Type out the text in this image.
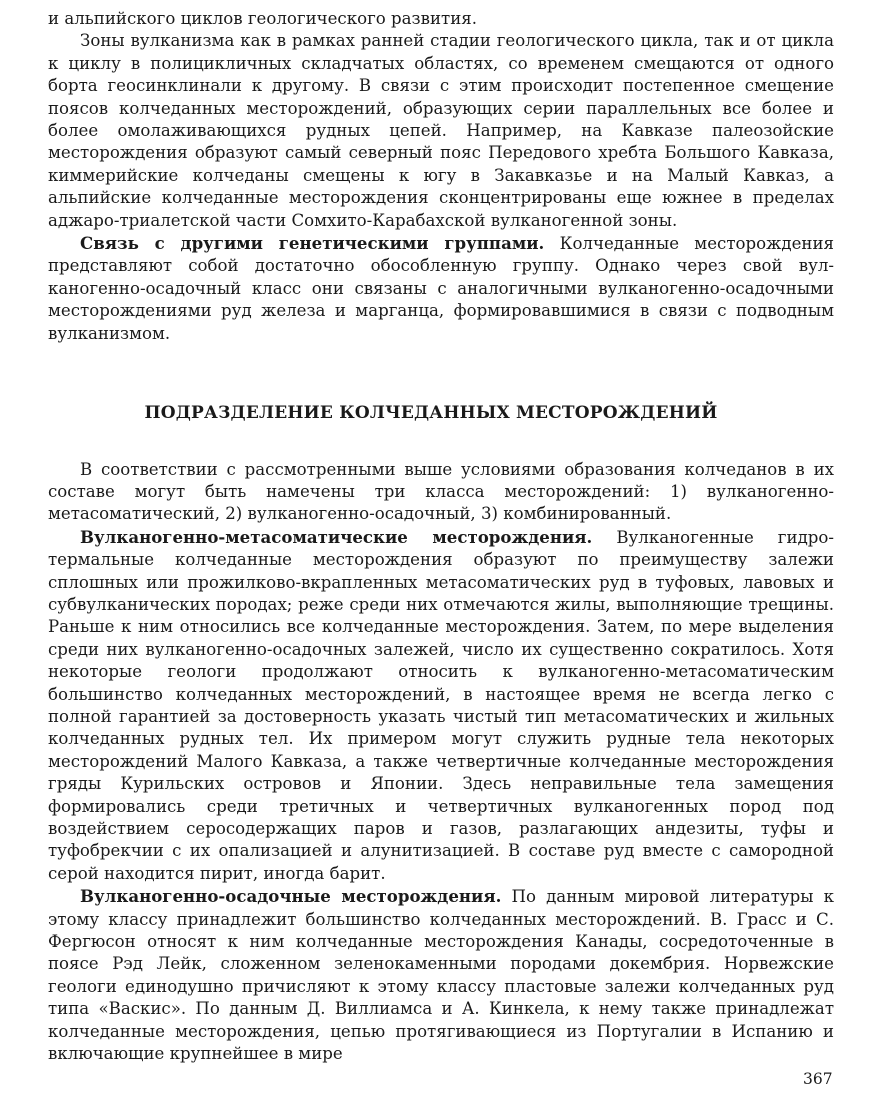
и альпийского циклов геологического развития.

Зоны вулканизма как в рамках ранней стадии геологического цикла, так и от цикла к циклу в полицикличных складчатых областях, со временем смещаются от одного борта геосинклинали к другому. В связи с этим происходит постепенное смещение поясов колчеданных месторождений, образующих серии параллельных все более и более омолаживающихся рудных цепей. Например, на Кавказе палеозойские месторождения образуют самый северный пояс Передового хребта Большого Кавказа, киммерийские колчеданы смещены к югу в Закавказье и на Малый Кавказ, а альпийские колчеданные месторождения сконцентрированы еще южнее в пределах аджаро-триалетской части Сомхито-Карабахской вулканогенной зоны.

Связь с другими генетическими группами. Колчеданные месторождения представляют собой достаточно обособленную группу. Однако через свой вулканогенно-осадочный класс они связаны с аналогичными вулканогенно-осадочными месторождениями руд железа и марганца, формировавшимися в связи с подводным вулканизмом.

ПОДРАЗДЕЛЕНИЕ КОЛЧЕДАННЫХ МЕСТОРОЖДЕНИЙ

В соответствии с рассмотренными выше условиями образования колчеданов в их составе могут быть намечены три класса месторождений: 1) вулканогенно-метасоматический, 2) вулканогенно-осадочный, 3) комбинированный.

Вулканогенно-метасоматические месторождения. Вулканогенные гидротермальные колчеданные месторождения образуют по преимуществу залежи сплошных или прожилково-вкрапленных метасоматических руд в туфовых, лавовых и субвулканических породах; реже среди них отмечаются жилы, выполняющие трещины. Раньше к ним относились все колчеданные месторождения. Затем, по мере выделения среди них вулканогенно-осадочных залежей, число их существенно сократилось. Хотя некоторые геологи продолжают относить к вулканогенно-метасоматическим большинство колчеданных месторождений, в настоящее время не всегда легко с полной гарантией за достоверность указать чистый тип метасоматических и жильных колчеданных рудных тел. Их примером могут служить рудные тела некоторых месторождений Малого Кавказа, а также четвертичные колчеданные месторождения гряды Курильских островов и Японии. Здесь неправильные тела замещения формировались среди третичных и четвертичных вулканогенных пород под воздействием серосодержащих паров и газов, разлагающих андезиты, туфы и туфобрекчии с их опализацией и алунитизацией. В составе руд вместе с самородной серой находится пирит, иногда барит.

Вулканогенно-осадочные месторождения. По данным мировой литературы к этому классу принадлежит большинство колчеданных месторождений. В. Грасс и С. Фергюсон относят к ним колчеданные месторождения Канады, сосредоточенные в поясе Рэд Лейк, сложенном зеленокаменными породами докембрия. Норвежские геологи единодушно причисляют к этому классу пластовые залежи колчеданных руд типа «Васкис». По данным Д. Виллиамса и А. Кинкела, к нему также принадлежат колчеданные месторождения, цепью протягивающиеся из Португалии в Испанию и включающие крупнейшее в мире

367
